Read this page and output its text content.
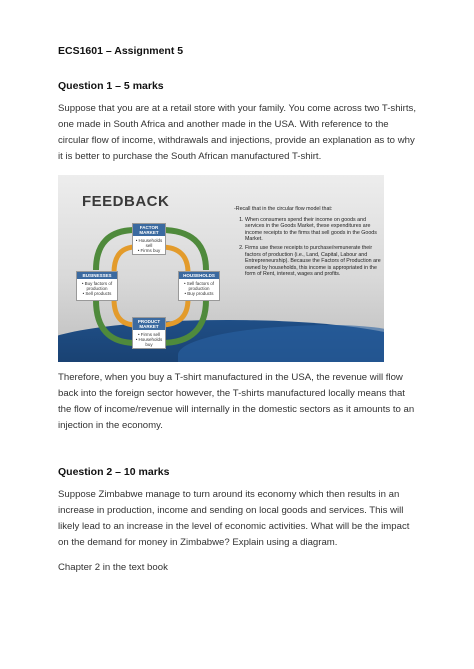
ECS1601 – Assignment 5
Question 1 – 5 marks
Suppose that you are at a retail store with your family. You come across two T-shirts, one made in South Africa and another made in the USA. With reference to the circular flow of income, withdrawals and injections, provide an explanation as to why it is better to purchase the South African manufactured T-shirt.
FEEDBACK
FACTOR MARKET
• Households sell
• Firms buy
BUSINESSES
• Buy factors of production
• Sell products
HOUSEHOLDS
• Sell factors of production
• Buy products
PRODUCT MARKET
• Firms sell
• Households buy
-Recall that in the circular flow model that:
1. When consumers spend their income on goods and services in the Goods Market, these expenditures are income receipts to the firms that sell goods in the Goods Market.
2. Firms use these receipts to purchase/remunerate their factors of production (i.e., Land, Capital, Labour and Entrepreneurship). Because the Factors of Production are owned by households, this income is appropriated in the form of Rent, interest, wages and profits.
Therefore, when you buy a T-shirt manufactured in the USA, the revenue will flow back into the foreign sector however, the T-shirts manufactured locally means that the flow of income/revenue will internally in the domestic sectors as it amounts to an injection in the economy.
Question 2 – 10 marks
Suppose Zimbabwe manage to turn around its economy which then results in an increase in production, income and sending on local goods and services. This will likely lead to an increase in the level of economic activities. What will be the impact on the demand for money in Zimbabwe? Explain using a diagram.
Chapter 2 in the text book
